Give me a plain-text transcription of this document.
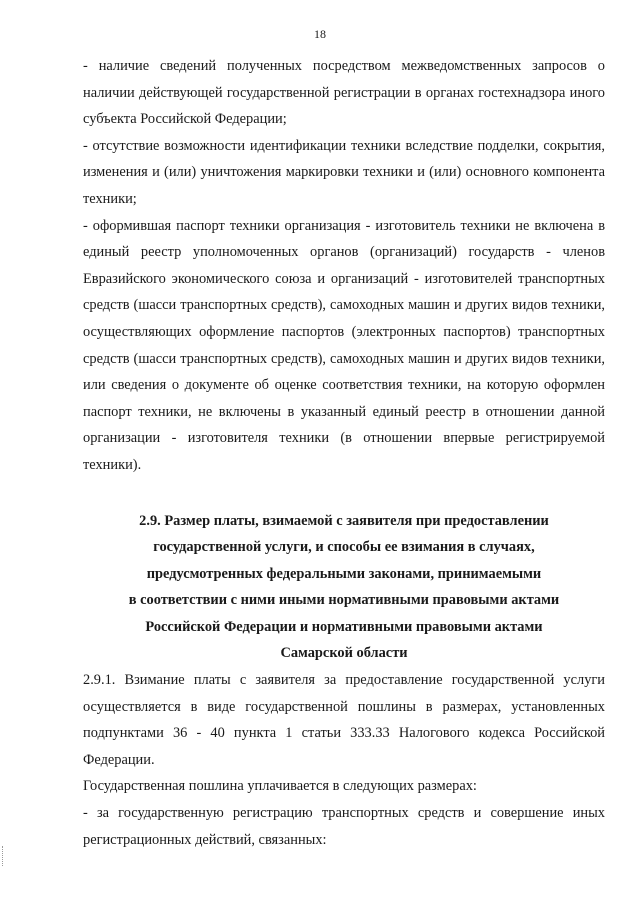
18

- наличие сведений полученных посредством межведомственных запросов о наличии действующей государственной регистрации в органах гостехнадзора иного субъекта Российской Федерации;

- отсутствие возможности идентификации техники вследствие подделки, сокрытия, изменения и (или) уничтожения маркировки техники и (или) основного компонента техники;

- оформившая паспорт техники организация - изготовитель техники не включена в единый реестр уполномоченных органов (организаций) государств - членов Евразийского экономического союза и организаций - изготовителей транспортных средств (шасси транспортных средств), самоходных машин и других видов техники, осуществляющих оформление паспортов (электронных паспортов) транспортных средств (шасси транспортных средств), самоходных машин и других видов техники, или сведения о документе об оценке соответствия техники, на которую оформлен паспорт техники, не включены в указанный единый реестр в отношении данной организации - изготовителя техники (в отношении впервые регистрируемой техники).

2.9. Размер платы, взимаемой с заявителя при предоставлении
государственной услуги, и способы ее взимания в случаях,
предусмотренных федеральными законами, принимаемыми
в соответствии с ними иными нормативными правовыми актами
Российской Федерации и нормативными правовыми актами
Самарской области

2.9.1. Взимание платы с заявителя за предоставление государственной услуги осуществляется в виде государственной пошлины в размерах, установленных подпунктами 36 - 40 пункта 1 статьи 333.33 Налогового кодекса Российской Федерации.

Государственная пошлина уплачивается в следующих размерах:

- за государственную регистрацию транспортных средств и совершение иных регистрационных действий, связанных:
